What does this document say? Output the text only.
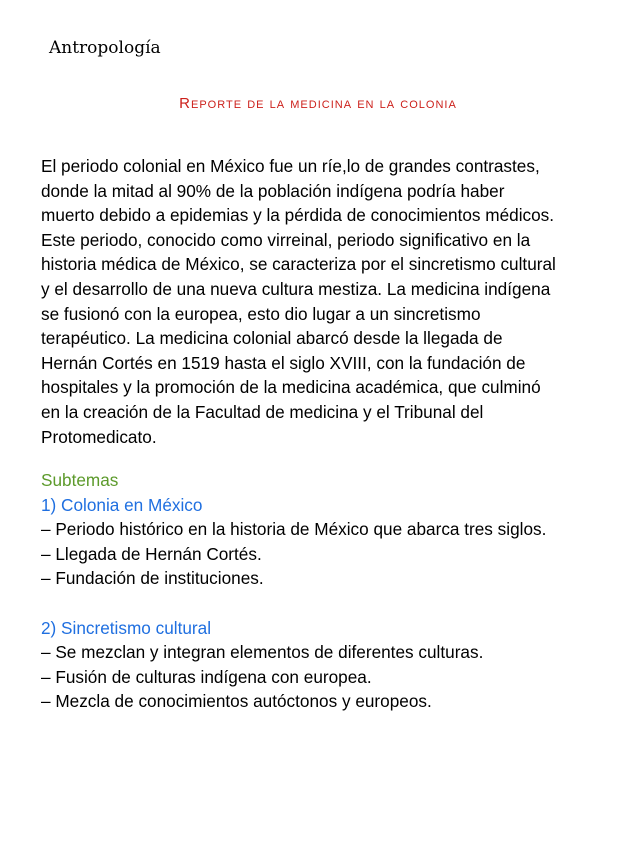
Antropología
Reporte de la medicina en la colonia
El periodo colonial en México fue un ríe,lo de grandes contrastes,
donde la mitad al 90% de la población indígena podría haber
muerto debido a epidemias y la pérdida de conocimientos médicos.
Este periodo, conocido como virreinal, periodo significativo en la
historia médica de México, se caracteriza por el sincretismo cultural
y el desarrollo de una nueva cultura mestiza. La medicina indígena
se fusionó con la europea, esto dio lugar a un sincretismo
terapéutico. La medicina colonial abarcó desde la llegada de
Hernán Cortés en 1519 hasta el siglo XVIII, con la fundación de
hospitales y la promoción de la medicina académica, que culminó
en la creación de la Facultad de medicina y el Tribunal del
Protomedicato.
Subtemas
1) Colonia en México
– Periodo histórico en la historia de México que abarca tres siglos.
– Llegada de Hernán Cortés.
– Fundación de instituciones.
2) Sincretismo cultural
– Se mezclan y integran elementos de diferentes culturas.
– Fusión de culturas indígena con europea.
– Mezcla de conocimientos autóctonos y europeos.
